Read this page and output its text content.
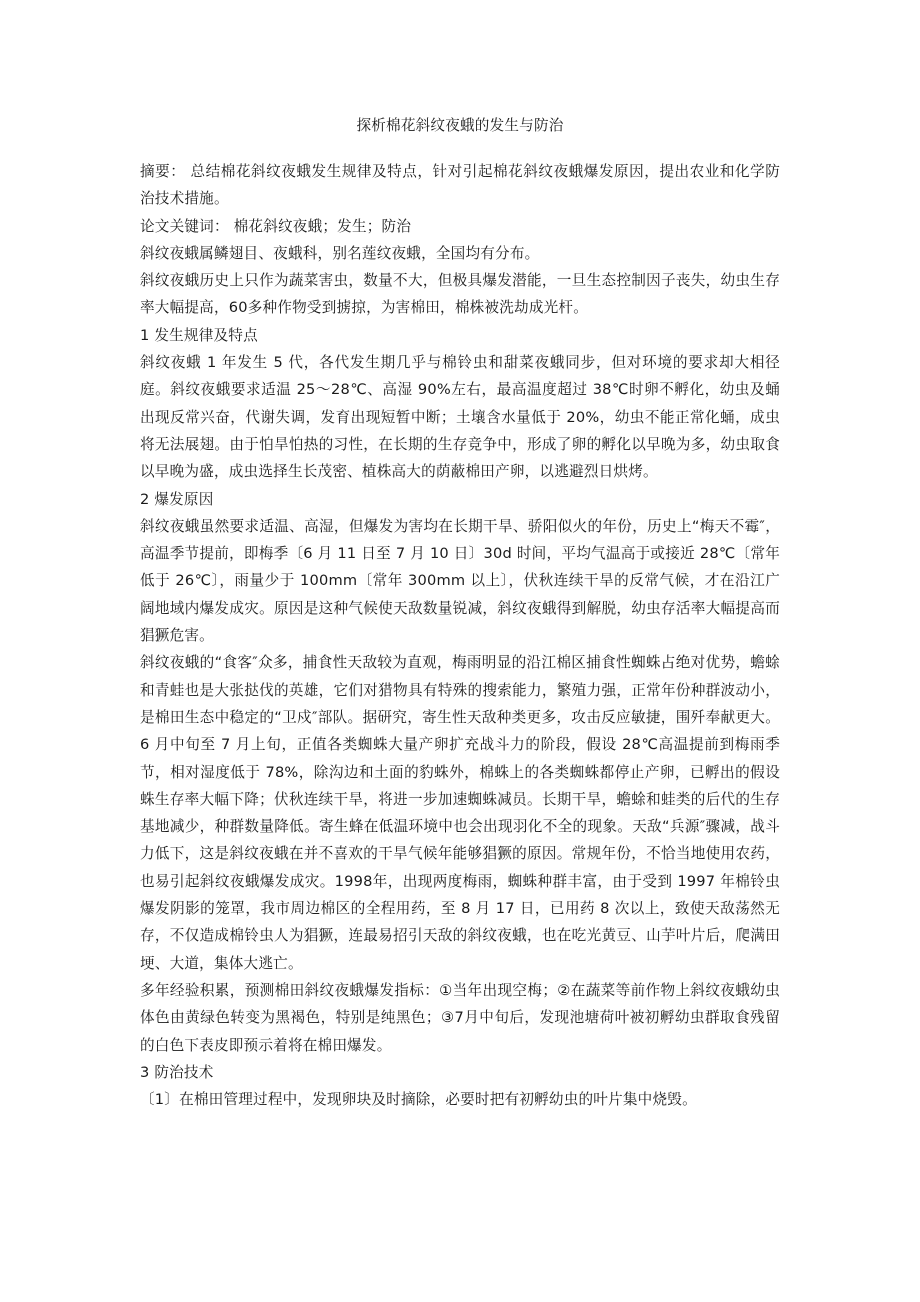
探析棉花斜纹夜蛾的发生与防治

摘要： 总结棉花斜纹夜蛾发生规律及特点，针对引起棉花斜纹夜蛾爆发原因，提出农业和化学防治技术措施。

论文关键词： 棉花斜纹夜蛾；发生；防治

斜纹夜蛾属鳞翅目、夜蛾科，别名莲纹夜蛾，全国均有分布。

斜纹夜蛾历史上只作为蔬菜害虫，数量不大，但极具爆发潜能，一旦生态控制因子丧失，幼虫生存率大幅提高，60多种作物受到掳掠，为害棉田，棉株被洗劫成光杆。

1 发生规律及特点

斜纹夜蛾 1 年发生 5 代，各代发生期几乎与棉铃虫和甜菜夜蛾同步，但对环境的要求却大相径庭。斜纹夜蛾要求适温 25～28℃、高湿 90%左右，最高温度超过 38℃时卵不孵化，幼虫及蛹出现反常兴奋，代谢失调，发育出现短暂中断；土壤含水量低于 20%，幼虫不能正常化蛹，成虫将无法展翅。由于怕旱怕热的习性，在长期的生存竞争中，形成了卵的孵化以早晚为多，幼虫取食以早晚为盛，成虫选择生长茂密、植株高大的荫蔽棉田产卵，以逃避烈日烘烤。

2 爆发原因

斜纹夜蛾虽然要求适温、高湿，但爆发为害均在长期干旱、骄阳似火的年份，历史上“梅天不霉″，高温季节提前，即梅季〔6 月 11 日至 7 月 10 日〕30d 时间，平均气温高于或接近 28℃〔常年低于 26℃〕，雨量少于 100mm〔常年 300mm 以上〕，伏秋连续干旱的反常气候，才在沿江广阔地域内爆发成灾。原因是这种气候使天敌数量锐减，斜纹夜蛾得到解脱，幼虫存活率大幅提高而猖獗危害。

斜纹夜蛾的“食客″众多，捕食性天敌较为直观，梅雨明显的沿江棉区捕食性蜘蛛占绝对优势，蟾蜍和青蛙也是大张挞伐的英雄，它们对猎物具有特殊的搜索能力，繁殖力强，正常年份种群波动小，是棉田生态中稳定的“卫戍″部队。据研究，寄生性天敌种类更多，攻击反应敏捷，围歼奉献更大。6 月中旬至 7 月上旬，正值各类蜘蛛大量产卵扩充战斗力的阶段，假设 28℃高温提前到梅雨季节，相对湿度低于 78%，除沟边和土面的豹蛛外，棉蛛上的各类蜘蛛都停止产卵，已孵出的假设蛛生存率大幅下降；伏秋连续干旱，将进一步加速蜘蛛减员。长期干旱，蟾蜍和蛙类的后代的生存基地减少，种群数量降低。寄生蜂在低温环境中也会出现羽化不全的现象。天敌“兵源″骤减，战斗力低下，这是斜纹夜蛾在并不喜欢的干旱气候年能够猖獗的原因。常规年份，不恰当地使用农药，也易引起斜纹夜蛾爆发成灾。1998年，出现两度梅雨，蜘蛛种群丰富，由于受到 1997 年棉铃虫爆发阴影的笼罩，我市周边棉区的全程用药，至 8 月 17 日，已用药 8 次以上，致使天敌荡然无存，不仅造成棉铃虫人为猖獗，连最易招引天敌的斜纹夜蛾，也在吃光黄豆、山芋叶片后，爬满田埂、大道，集体大逃亡。

多年经验积累，预测棉田斜纹夜蛾爆发指标：①当年出现空梅；②在蔬菜等前作物上斜纹夜蛾幼虫体色由黄绿色转变为黑褐色，特别是纯黑色；③7月中旬后，发现池塘荷叶被初孵幼虫群取食残留的白色下表皮即预示着将在棉田爆发。

3 防治技术

〔1〕在棉田管理过程中，发现卵块及时摘除，必要时把有初孵幼虫的叶片集中烧毁。
